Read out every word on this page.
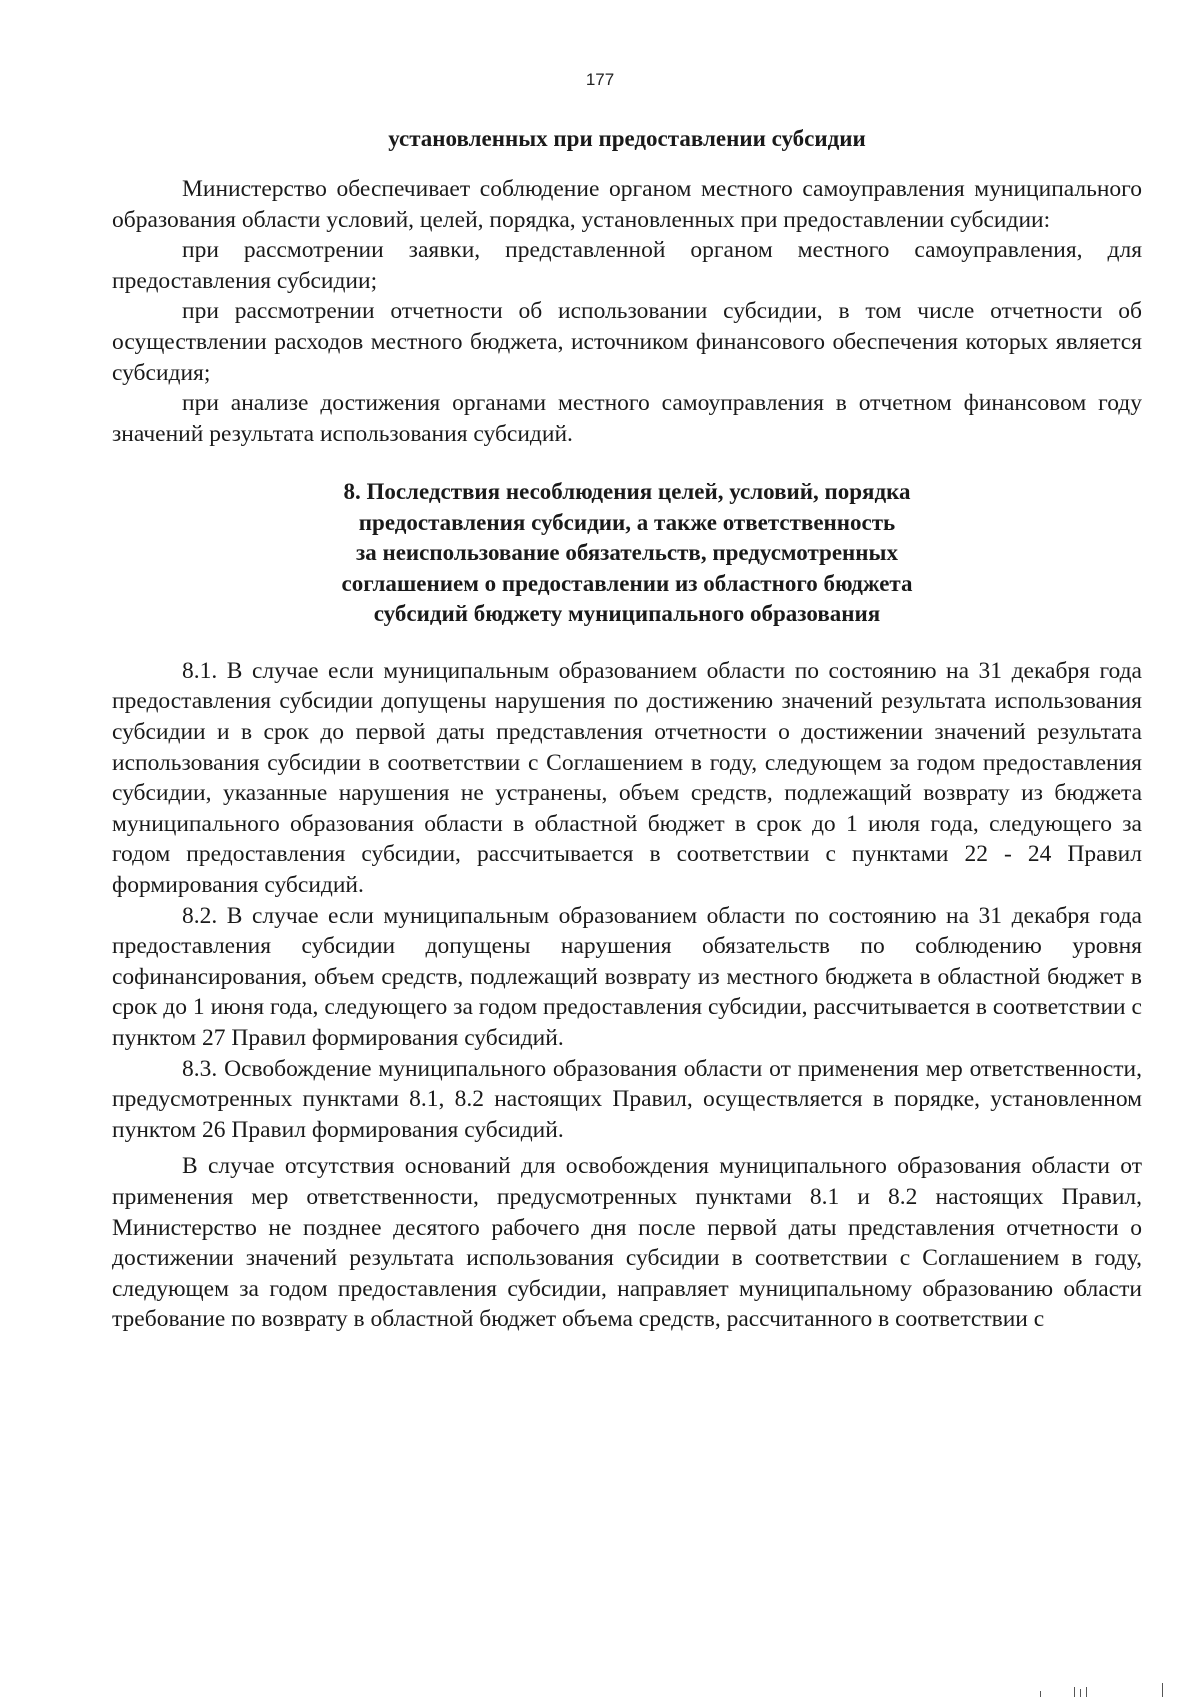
177
установленных при предоставлении субсидии

Министерство обеспечивает соблюдение органом местного самоуправления муниципального образования области условий, целей, порядка, установленных при предоставлении субсидии:

при рассмотрении заявки, представленной органом местного самоуправления, для предоставления субсидии;

при рассмотрении отчетности об использовании субсидии, в том числе отчетности об осуществлении расходов местного бюджета, источником финансового обеспечения которых является субсидия;

при анализе достижения органами местного самоуправления в отчетном финансовом году значений результата использования субсидий.

8. Последствия несоблюдения целей, условий, порядка
предоставления субсидии, а также ответственность
за неиспользование обязательств, предусмотренных
соглашением о предоставлении из областного бюджета
субсидий бюджету муниципального образования

8.1. В случае если муниципальным образованием области по состоянию на 31 декабря года предоставления субсидии допущены нарушения по достижению значений результата использования субсидии и в срок до первой даты представления отчетности о достижении значений результата использования субсидии в соответствии с Соглашением в году, следующем за годом предоставления субсидии, указанные нарушения не устранены, объем средств, подлежащий возврату из бюджета муниципального образования области в областной бюджет в срок до 1 июля года, следующего за годом предоставления субсидии, рассчитывается в соответствии с пунктами 22 - 24 Правил формирования субсидий.

8.2. В случае если муниципальным образованием области по состоянию на 31 декабря года предоставления субсидии допущены нарушения обязательств по соблюдению уровня софинансирования, объем средств, подлежащий возврату из местного бюджета в областной бюджет в срок до 1 июня года, следующего за годом предоставления субсидии, рассчитывается в соответствии с пунктом 27 Правил формирования субсидий.

8.3. Освобождение муниципального образования области от применения мер ответственности, предусмотренных пунктами 8.1, 8.2 настоящих Правил, осуществляется в порядке, установленном пунктом 26 Правил формирования субсидий.

В случае отсутствия оснований для освобождения муниципального образования области от применения мер ответственности, предусмотренных пунктами 8.1 и 8.2 настоящих Правил, Министерство не позднее десятого рабочего дня после первой даты представления отчетности о достижении значений результата использования субсидии в соответствии с Соглашением в году, следующем за годом предоставления субсидии, направляет муниципальному образованию области требование по возврату в областной бюджет объема средств, рассчитанного в соответствии с
